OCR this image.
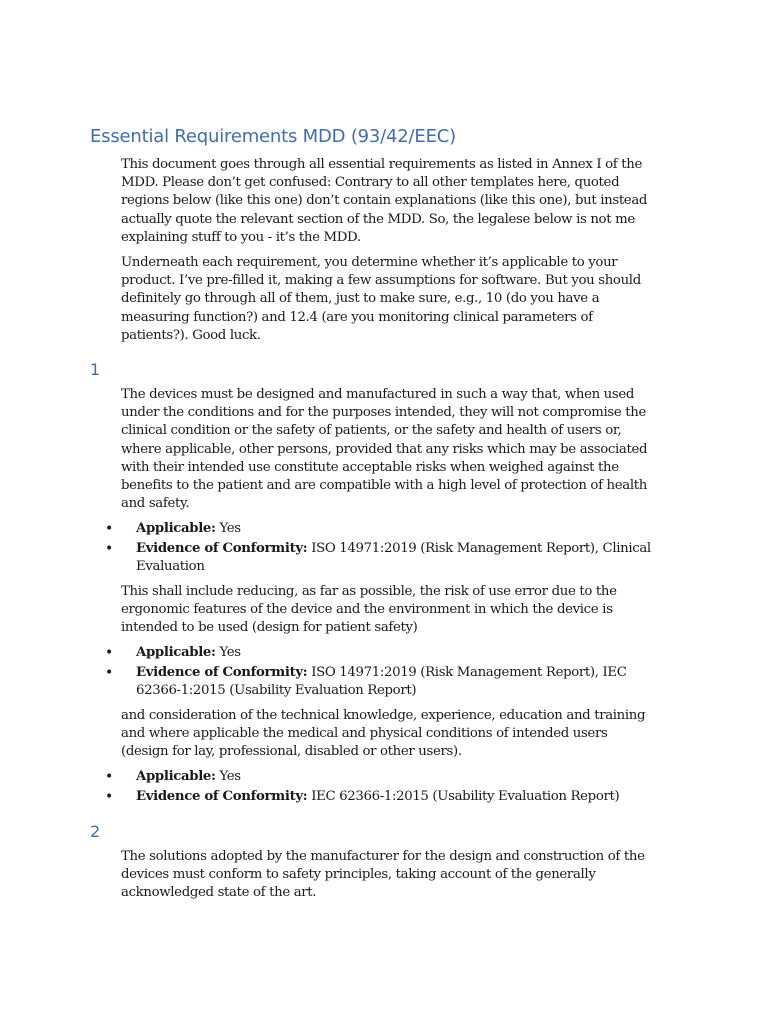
Essential Requirements MDD (93/42/EEC)

This document goes through all essential requirements as listed in Annex I of the MDD. Please don’t get confused: Contrary to all other templates here, quoted regions below (like this one) don’t contain explanations (like this one), but instead actually quote the relevant section of the MDD. So, the legalese below is not me explaining stuff to you - it’s the MDD.

Underneath each requirement, you determine whether it’s applicable to your product. I’ve pre-filled it, making a few assumptions for software. But you should definitely go through all of them, just to make sure, e.g., 10 (do you have a measuring function?) and 12.4 (are you monitoring clinical parameters of patients?). Good luck.

1

The devices must be designed and manufactured in such a way that, when used under the conditions and for the purposes intended, they will not compromise the clinical condition or the safety of patients, or the safety and health of users or, where applicable, other persons, provided that any risks which may be associated with their intended use constitute acceptable risks when weighed against the benefits to the patient and are compatible with a high level of protection of health and safety.

• Applicable: Yes
• Evidence of Conformity: ISO 14971:2019 (Risk Management Report), Clinical Evaluation

This shall include reducing, as far as possible, the risk of use error due to the ergonomic features of the device and the environment in which the device is intended to be used (design for patient safety)

• Applicable: Yes
• Evidence of Conformity: ISO 14971:2019 (Risk Management Report), IEC 62366-1:2015 (Usability Evaluation Report)

and consideration of the technical knowledge, experience, education and training and where applicable the medical and physical conditions of intended users (design for lay, professional, disabled or other users).

• Applicable: Yes
• Evidence of Conformity: IEC 62366-1:2015 (Usability Evaluation Report)
2

The solutions adopted by the manufacturer for the design and construction of the devices must conform to safety principles, taking account of the generally acknowledged state of the art.
